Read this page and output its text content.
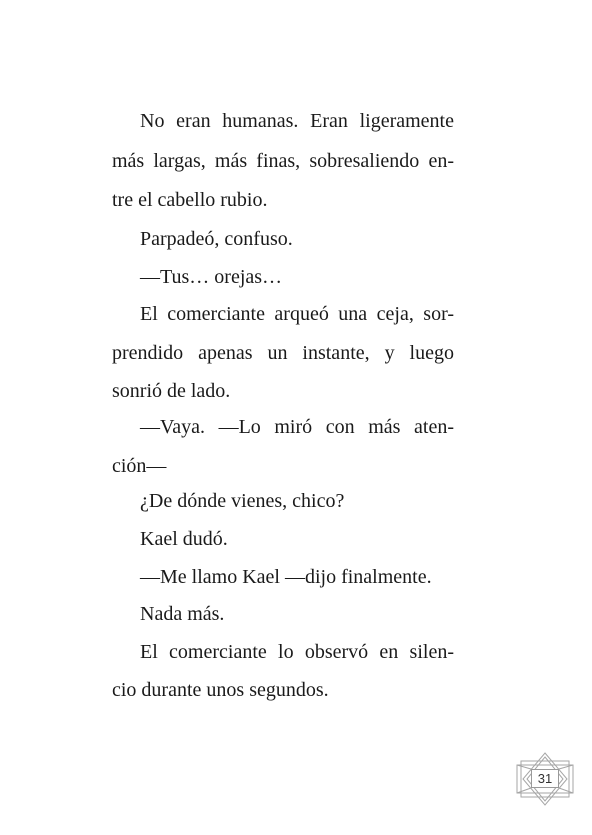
No eran humanas. Eran ligeramente
más largas, más finas, sobresaliendo en-
tre el cabello rubio.
Parpadeó, confuso.
—Tus… orejas…
El comerciante arqueó una ceja, sor-
prendido apenas un instante, y luego
sonrió de lado.
—Vaya. —Lo miró con más aten-
ción—
¿De dónde vienes, chico?
Kael dudó.
—Me llamo Kael —dijo finalmente.
Nada más.
El comerciante lo observó en silen-
cio durante unos segundos.
31
